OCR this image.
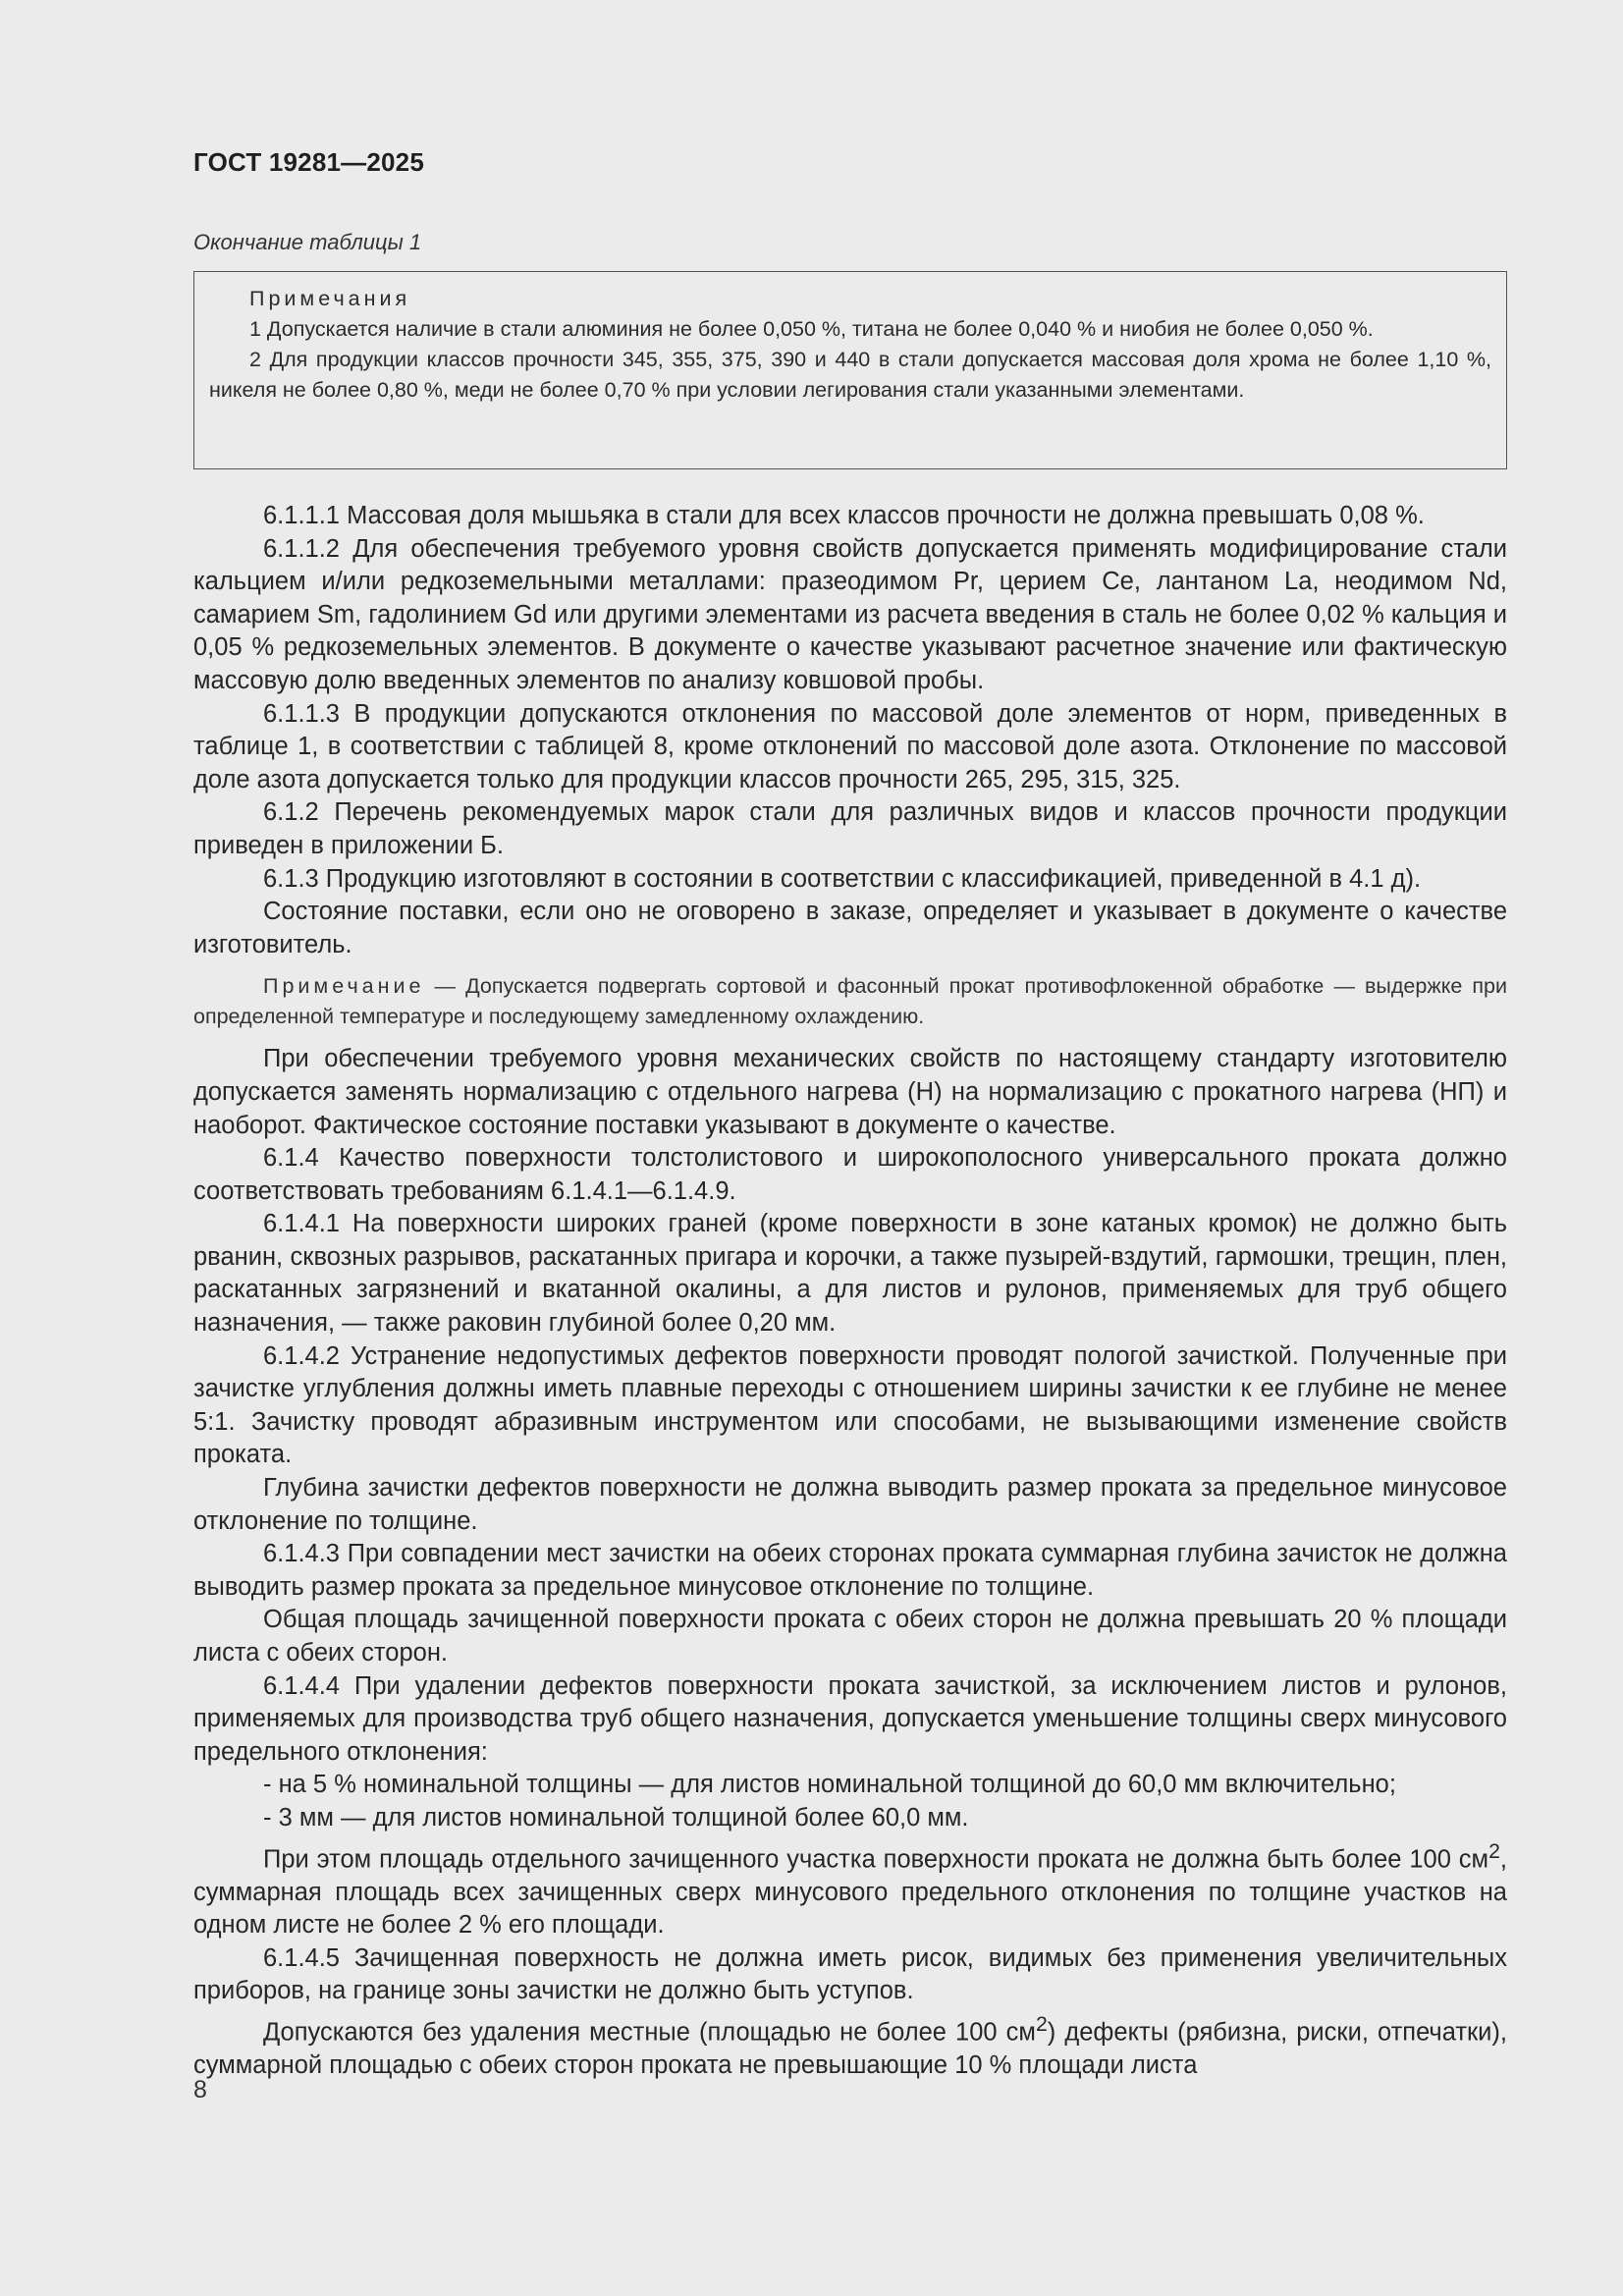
ГОСТ 19281—2025
Окончание таблицы 1
Примечания

1 Допускается наличие в стали алюминия не более 0,050 %, титана не более 0,040 % и ниобия не более 0,050 %.

2 Для продукции классов прочности 345, 355, 375, 390 и 440 в стали допускается массовая доля хрома не более 1,10 %, никеля не более 0,80 %, меди не более 0,70 % при условии легирования стали указанными элементами.

6.1.1.1 Массовая доля мышьяка в стали для всех классов прочности не должна превышать 0,08 %.

6.1.1.2 Для обеспечения требуемого уровня свойств допускается применять модифицирование стали кальцием и/или редкоземельными металлами: празеодимом Pr, церием Ce, лантаном La, неодимом Nd, самарием Sm, гадолинием Gd или другими элементами из расчета введения в сталь не более 0,02 % кальция и 0,05 % редкоземельных элементов. В документе о качестве указывают расчетное значение или фактическую массовую долю введенных элементов по анализу ковшовой пробы.

6.1.1.3 В продукции допускаются отклонения по массовой доле элементов от норм, приведенных в таблице 1, в соответствии с таблицей 8, кроме отклонений по массовой доле азота. Отклонение по массовой доле азота допускается только для продукции классов прочности 265, 295, 315, 325.

6.1.2 Перечень рекомендуемых марок стали для различных видов и классов прочности продукции приведен в приложении Б.

6.1.3 Продукцию изготовляют в состоянии в соответствии с классификацией, приведенной в 4.1 д).

Состояние поставки, если оно не оговорено в заказе, определяет и указывает в документе о качестве изготовитель.

Примечание — Допускается подвергать сортовой и фасонный прокат противофлокенной обработке — выдержке при определенной температуре и последующему замедленному охлаждению.

При обеспечении требуемого уровня механических свойств по настоящему стандарту изготовителю допускается заменять нормализацию с отдельного нагрева (Н) на нормализацию с прокатного нагрева (НП) и наоборот. Фактическое состояние поставки указывают в документе о качестве.

6.1.4 Качество поверхности толстолистового и широкополосного универсального проката должно соответствовать требованиям 6.1.4.1—6.1.4.9.

6.1.4.1 На поверхности широких граней (кроме поверхности в зоне катаных кромок) не должно быть рванин, сквозных разрывов, раскатанных пригара и корочки, а также пузырей-вздутий, гармошки, трещин, плен, раскатанных загрязнений и вкатанной окалины, а для листов и рулонов, применяемых для труб общего назначения, — также раковин глубиной более 0,20 мм.

6.1.4.2 Устранение недопустимых дефектов поверхности проводят пологой зачисткой. Полученные при зачистке углубления должны иметь плавные переходы с отношением ширины зачистки к ее глубине не менее 5:1. Зачистку проводят абразивным инструментом или способами, не вызывающими изменение свойств проката.

Глубина зачистки дефектов поверхности не должна выводить размер проката за предельное минусовое отклонение по толщине.

6.1.4.3 При совпадении мест зачистки на обеих сторонах проката суммарная глубина зачисток не должна выводить размер проката за предельное минусовое отклонение по толщине.

Общая площадь зачищенной поверхности проката с обеих сторон не должна превышать 20 % площади листа с обеих сторон.

6.1.4.4 При удалении дефектов поверхности проката зачисткой, за исключением листов и рулонов, применяемых для производства труб общего назначения, допускается уменьшение толщины сверх минусового предельного отклонения:

- на 5 % номинальной толщины — для листов номинальной толщиной до 60,0 мм включительно;

- 3 мм — для листов номинальной толщиной более 60,0 мм.

При этом площадь отдельного зачищенного участка поверхности проката не должна быть более 100 $см^2$, суммарная площадь всех зачищенных сверх минусового предельного отклонения по толщине участков на одном листе не более 2 % его площади.

6.1.4.5 Зачищенная поверхность не должна иметь рисок, видимых без применения увеличительных приборов, на границе зоны зачистки не должно быть уступов.

Допускаются без удаления местные (площадью не более 100 $см^2$) дефекты (рябизна, риски, отпечатки), суммарной площадью с обеих сторон проката не превышающие 10 % площади листа

8
